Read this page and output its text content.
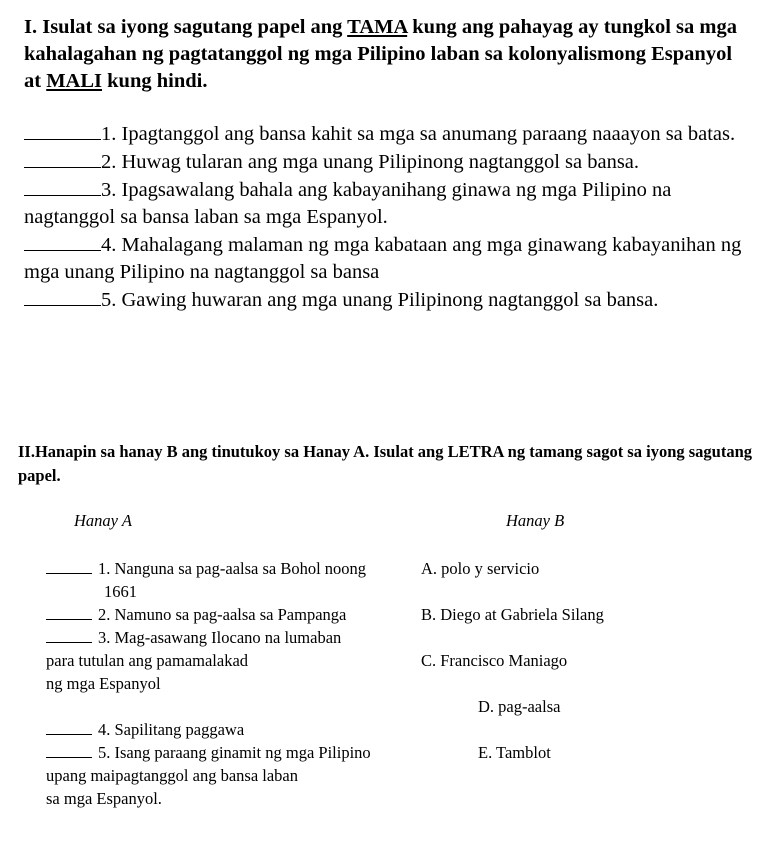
I. Isulat sa iyong sagutang papel ang TAMA kung ang pahayag ay tungkol sa mga kahalagahan ng pagtatanggol ng mga Pilipino laban sa kolonyalismong Espanyol at MALI kung hindi.

1. Ipagtanggol ang bansa kahit sa mga sa anumang paraang naaayon sa batas.

2. Huwag tularan ang mga unang Pilipinong nagtanggol sa bansa.

3. Ipagsawalang bahala ang kabayanihang ginawa ng mga Pilipino na nagtanggol sa bansa laban sa mga Espanyol.

4. Mahalagang malaman ng mga kabataan ang mga ginawang kabayanihan ng mga unang Pilipino na nagtanggol sa bansa

5. Gawing huwaran ang mga unang Pilipinong nagtanggol sa bansa.

II.Hanapin sa hanay B ang tinutukoy sa Hanay A. Isulat ang LETRA ng tamang sagot sa iyong sagutang papel.

Hanay A	Hanay B
1. Nanguna sa pag-aalsa sa Bohol noong
1661
2. Namuno sa pag-aalsa sa Pampanga
3. Mag-asawang Ilocano na lumaban
para tutulan ang pamamalakad
ng mga Espanyol
4. Sapilitang paggawa
5. Isang paraang ginamit ng mga Pilipino
upang maipagtanggol ang bansa laban
sa mga Espanyol.
A. polo y servicio
B. Diego at Gabriela Silang
C. Francisco Maniago
D. pag-aalsa
E. Tamblot
